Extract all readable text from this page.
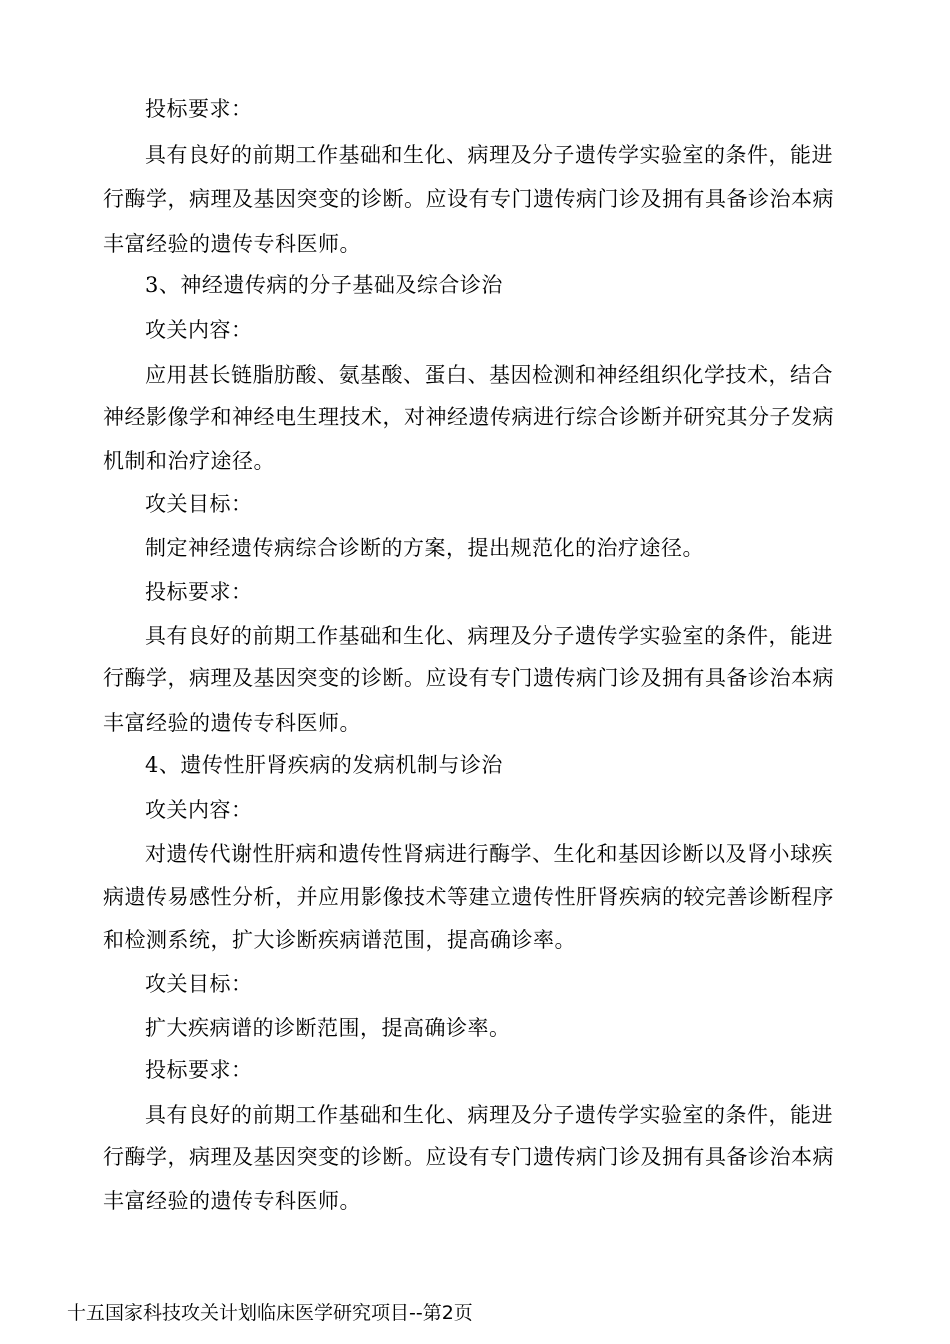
投标要求：
具有良好的前期工作基础和生化、病理及分子遗传学实验室的条件，能进
行酶学，病理及基因突变的诊断。应设有专门遗传病门诊及拥有具备诊治本病
丰富经验的遗传专科医师。
3、神经遗传病的分子基础及综合诊治
攻关内容：
应用甚长链脂肪酸、氨基酸、蛋白、基因检测和神经组织化学技术，结合
神经影像学和神经电生理技术，对神经遗传病进行综合诊断并研究其分子发病
机制和治疗途径。
攻关目标：
制定神经遗传病综合诊断的方案，提出规范化的治疗途径。
投标要求：
具有良好的前期工作基础和生化、病理及分子遗传学实验室的条件，能进
行酶学，病理及基因突变的诊断。应设有专门遗传病门诊及拥有具备诊治本病
丰富经验的遗传专科医师。
4、遗传性肝肾疾病的发病机制与诊治
攻关内容：
对遗传代谢性肝病和遗传性肾病进行酶学、生化和基因诊断以及肾小球疾
病遗传易感性分析，并应用影像技术等建立遗传性肝肾疾病的较完善诊断程序
和检测系统，扩大诊断疾病谱范围，提高确诊率。
攻关目标：
扩大疾病谱的诊断范围，提高确诊率。
投标要求：
具有良好的前期工作基础和生化、病理及分子遗传学实验室的条件，能进
行酶学，病理及基因突变的诊断。应设有专门遗传病门诊及拥有具备诊治本病
丰富经验的遗传专科医师。
十五国家科技攻关计划临床医学研究项目--第2页
